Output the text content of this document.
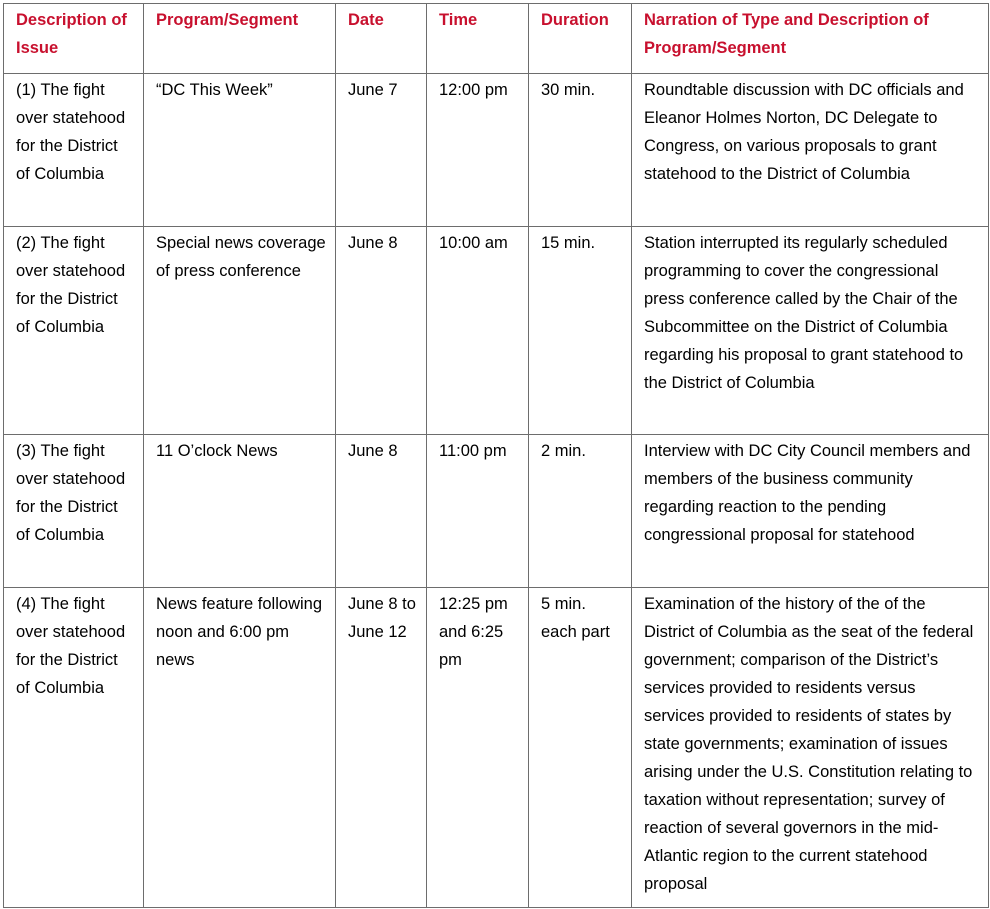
Description of Issue	Program/Segment	Date	Time	Duration	Narration of Type and Description of Program/Segment
(1) The fight over statehood for the District of Columbia	“DC This Week”	June 7	12:00 pm	30 min.	Roundtable discussion with DC officials and Eleanor Holmes Norton, DC Delegate to Congress, on various proposals to grant statehood to the District of Columbia
(2) The fight over statehood for the District of Columbia	Special news coverage of press conference	June 8	10:00 am	15 min.	Station interrupted its regularly scheduled programming to cover the congressional press conference called by the Chair of the Subcommittee on the District of Columbia regarding his proposal to grant statehood to the District of Columbia
(3) The fight over statehood for the District of Columbia	11 O’clock News	June 8	11:00 pm	2 min.	Interview with DC City Council members and members of the business community regarding reaction to the pending congressional proposal for statehood
(4) The fight over statehood for the District of Columbia	News feature following noon and 6:00 pm news	June 8 to June 12	12:25 pm and 6:25 pm	5 min. each part	Examination of the history of the of the District of Columbia as the seat of the federal government; comparison of the District’s services provided to residents versus services provided to residents of states by state governments; examination of issues arising under the U.S. Constitution relating to taxation without representation; survey of reaction of several governors in the mid-Atlantic region to the current statehood proposal
